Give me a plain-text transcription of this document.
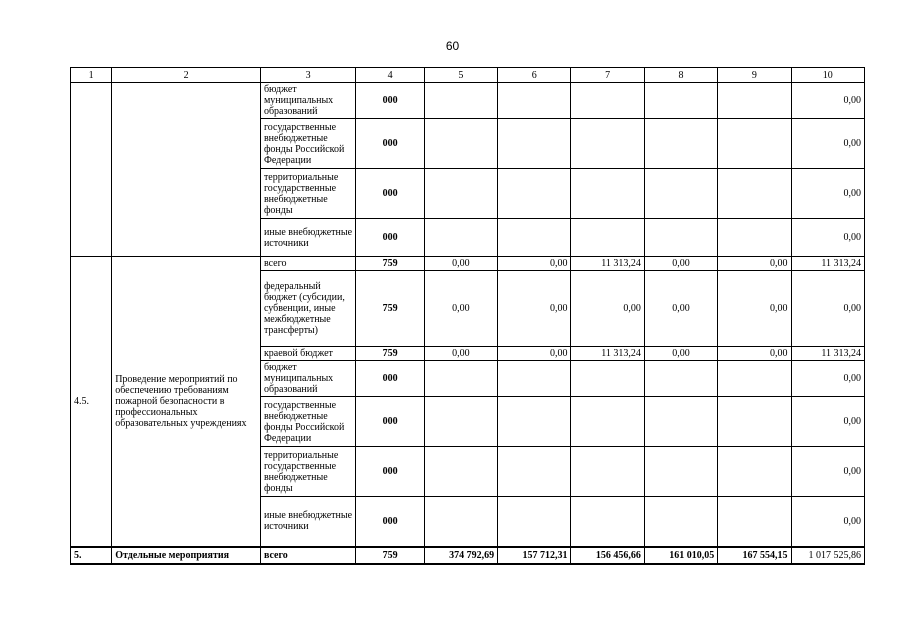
60
1	2	3	4	5	6	7	8	9	10
		бюджет муниципальных образований	000						0,00
		государственные внебюджетные фонды Российской Федерации	000						0,00
		территориальные государственные внебюджетные фонды	000						0,00
		иные внебюджетные источники	000						0,00
4.5.	Проведение мероприятий по обеспечению требованиям пожарной безопасности в профессиональных образовательных учреждениях	всего	759	0,00	0,00	11 313,24	0,00	0,00	11 313,24
		федеральный бюджет (субсидии, субвенции, иные межбюджетные трансферты)	759	0,00	0,00	0,00	0,00	0,00	0,00
		краевой бюджет	759	0,00	0,00	11 313,24	0,00	0,00	11 313,24
		бюджет муниципальных образований	000						0,00
		государственные внебюджетные фонды Российской Федерации	000						0,00
		территориальные государственные внебюджетные фонды	000						0,00
		иные внебюджетные источники	000						0,00
5.	Отдельные мероприятия	всего	759	374 792,69	157 712,31	156 456,66	161 010,05	167 554,15	1 017 525,86
